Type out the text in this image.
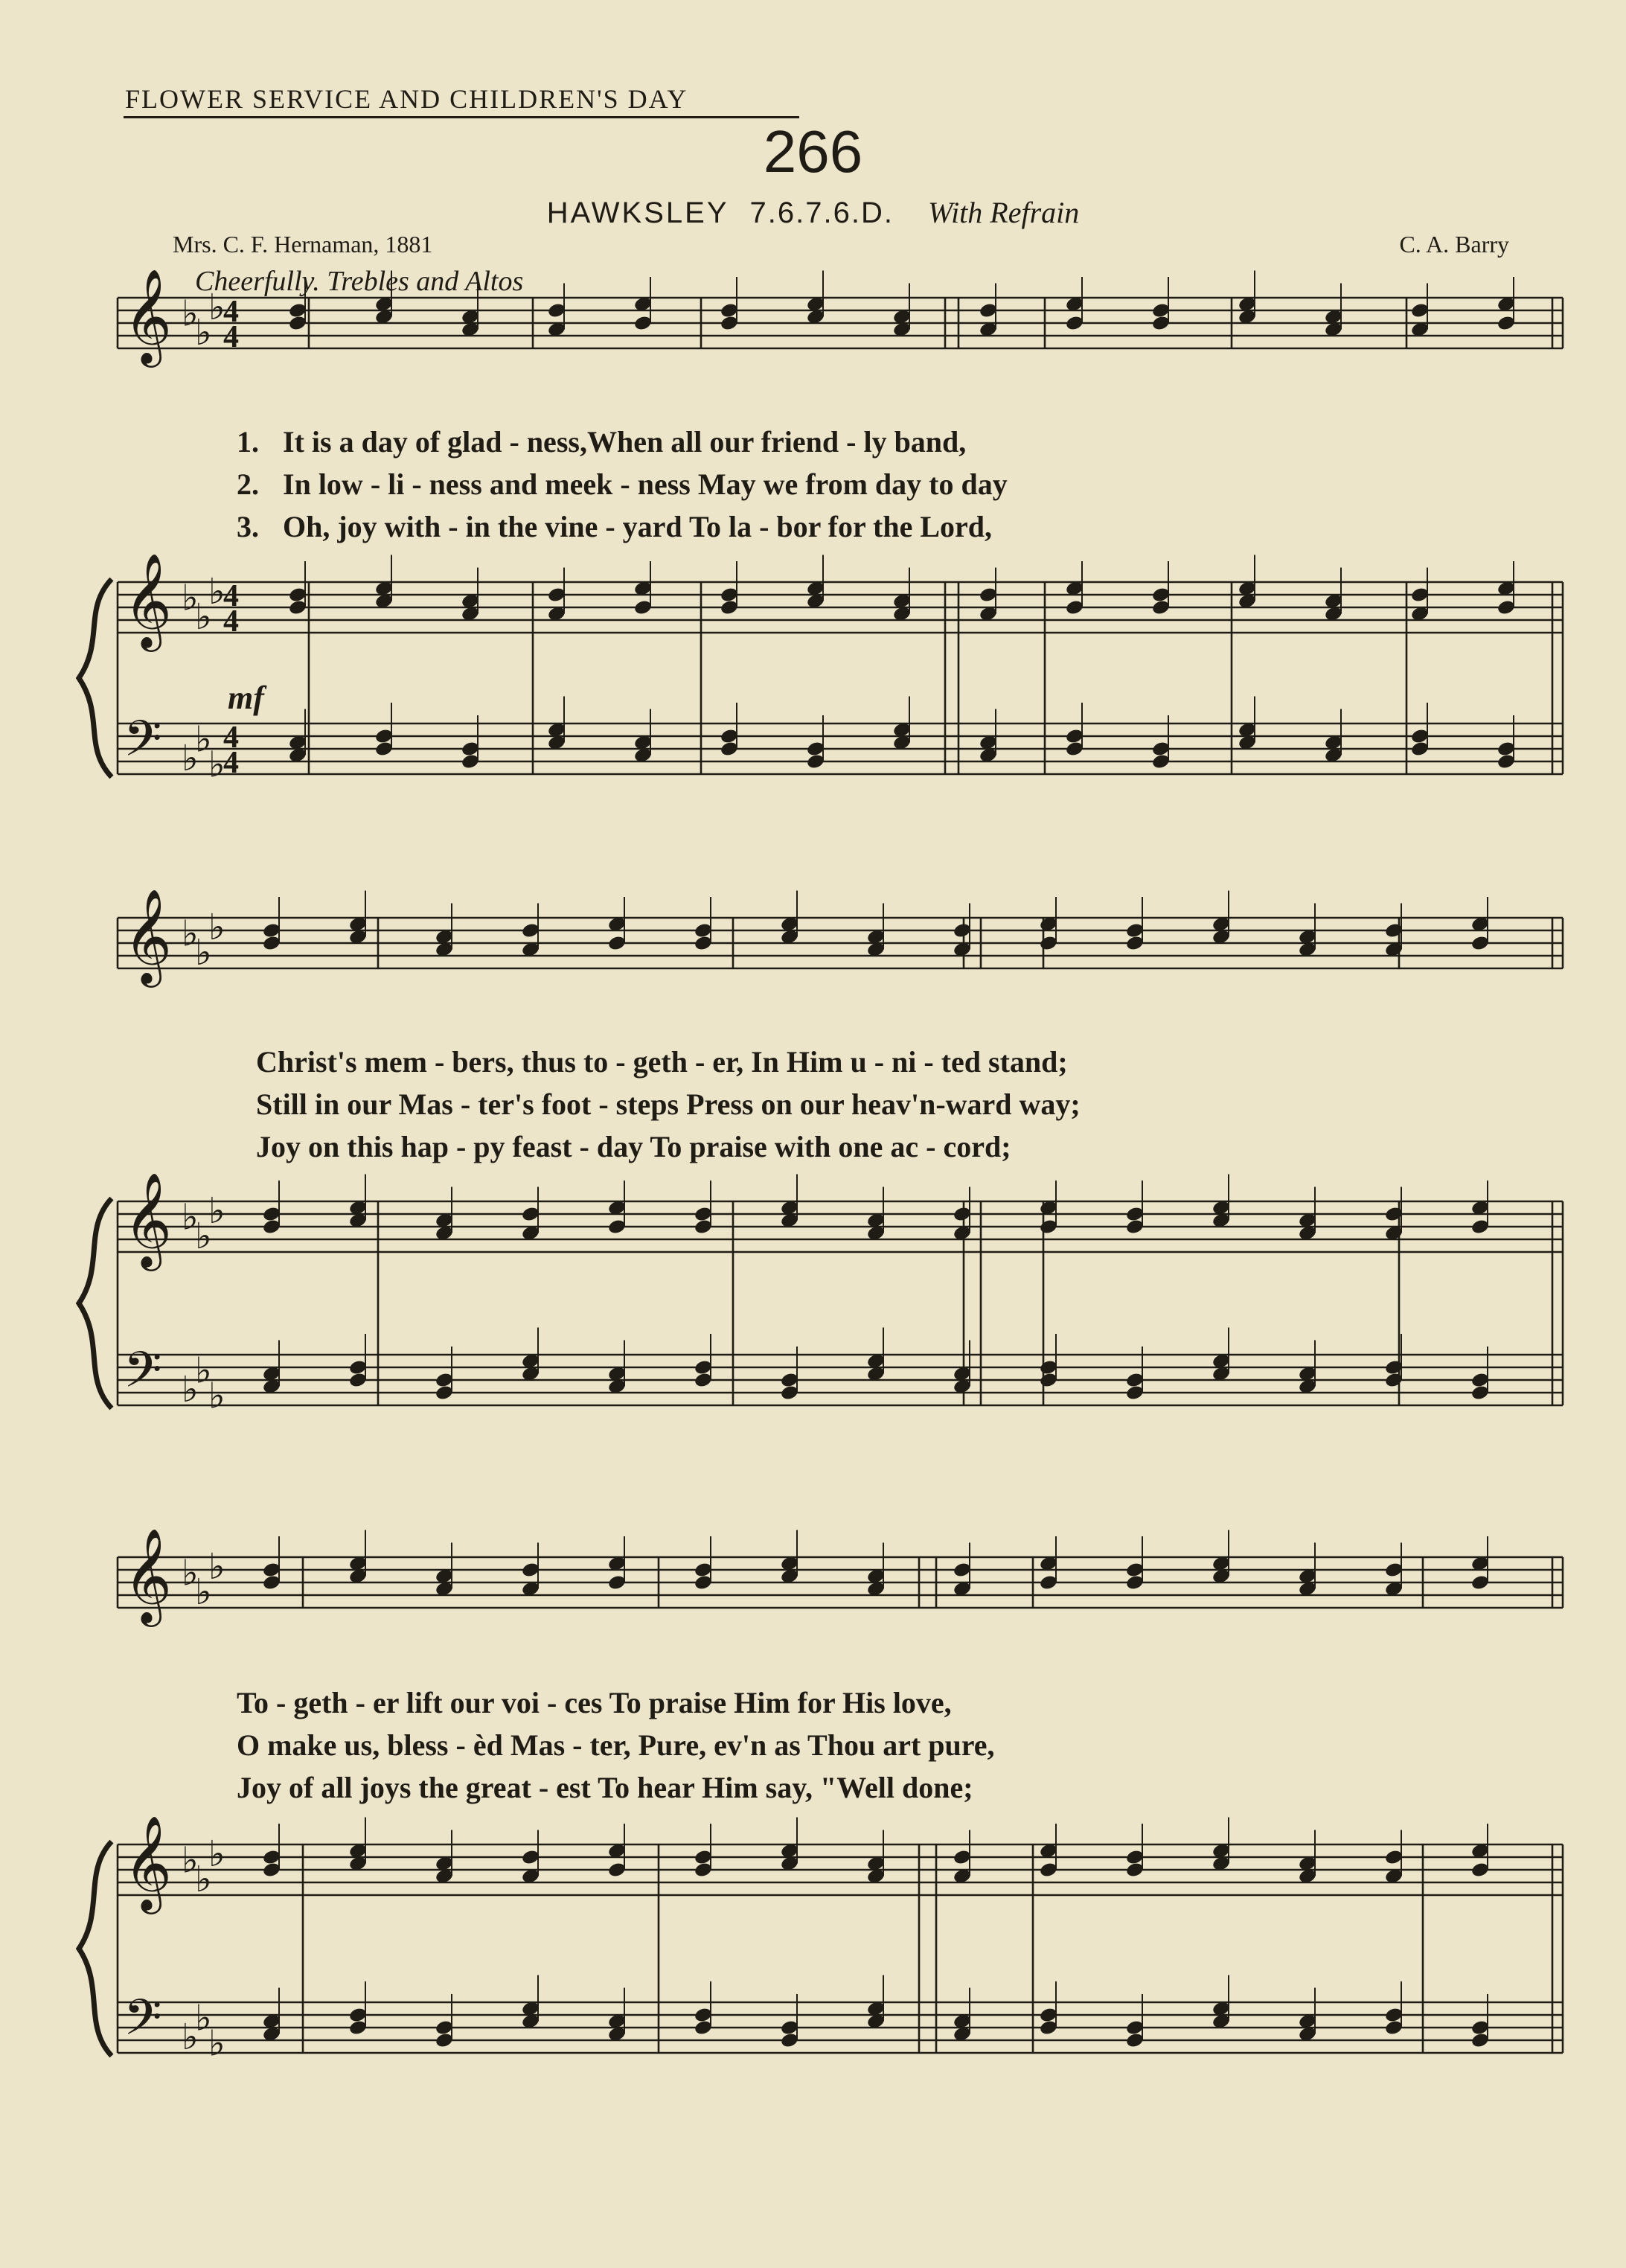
FLOWER SERVICE AND CHILDREN'S DAY
266
HAWKSLEY 7.6.7.6.D. With Refrain
Mrs. C. F. Hernaman, 1881	C. A. Barry
Cheerfully. Trebles and Altos
mf
𝄞 ♭
♭
♭
4
4
𝄞 ♭
♭
♭
4
4
𝄢 ♭
♭
♭
4
4
𝄞 ♭
♭
♭
𝄞 ♭
♭
♭
𝄢 ♭
♭
♭
𝄞 ♭
♭
♭
𝄞 ♭
♭
♭
𝄢 ♭
♭
♭
1. It is a day of glad - ness,When all our friend - ly band,
2. In low - li - ness and meek - ness May we from day to day
3. Oh, joy with - in the vine - yard To la - bor for the Lord,
Christ's mem - bers, thus to - geth - er, In Him u - ni - ted stand;
Still in our Mas - ter's foot - steps Press on our heav'n-ward way;
Joy on this hap - py feast - day To praise with one ac - cord;
To - geth - er lift our voi - ces To praise Him for His love,
O make us, bless - èd Mas - ter, Pure, ev'n as Thou art pure,
Joy of all joys the great - est To hear Him say, "Well done;
